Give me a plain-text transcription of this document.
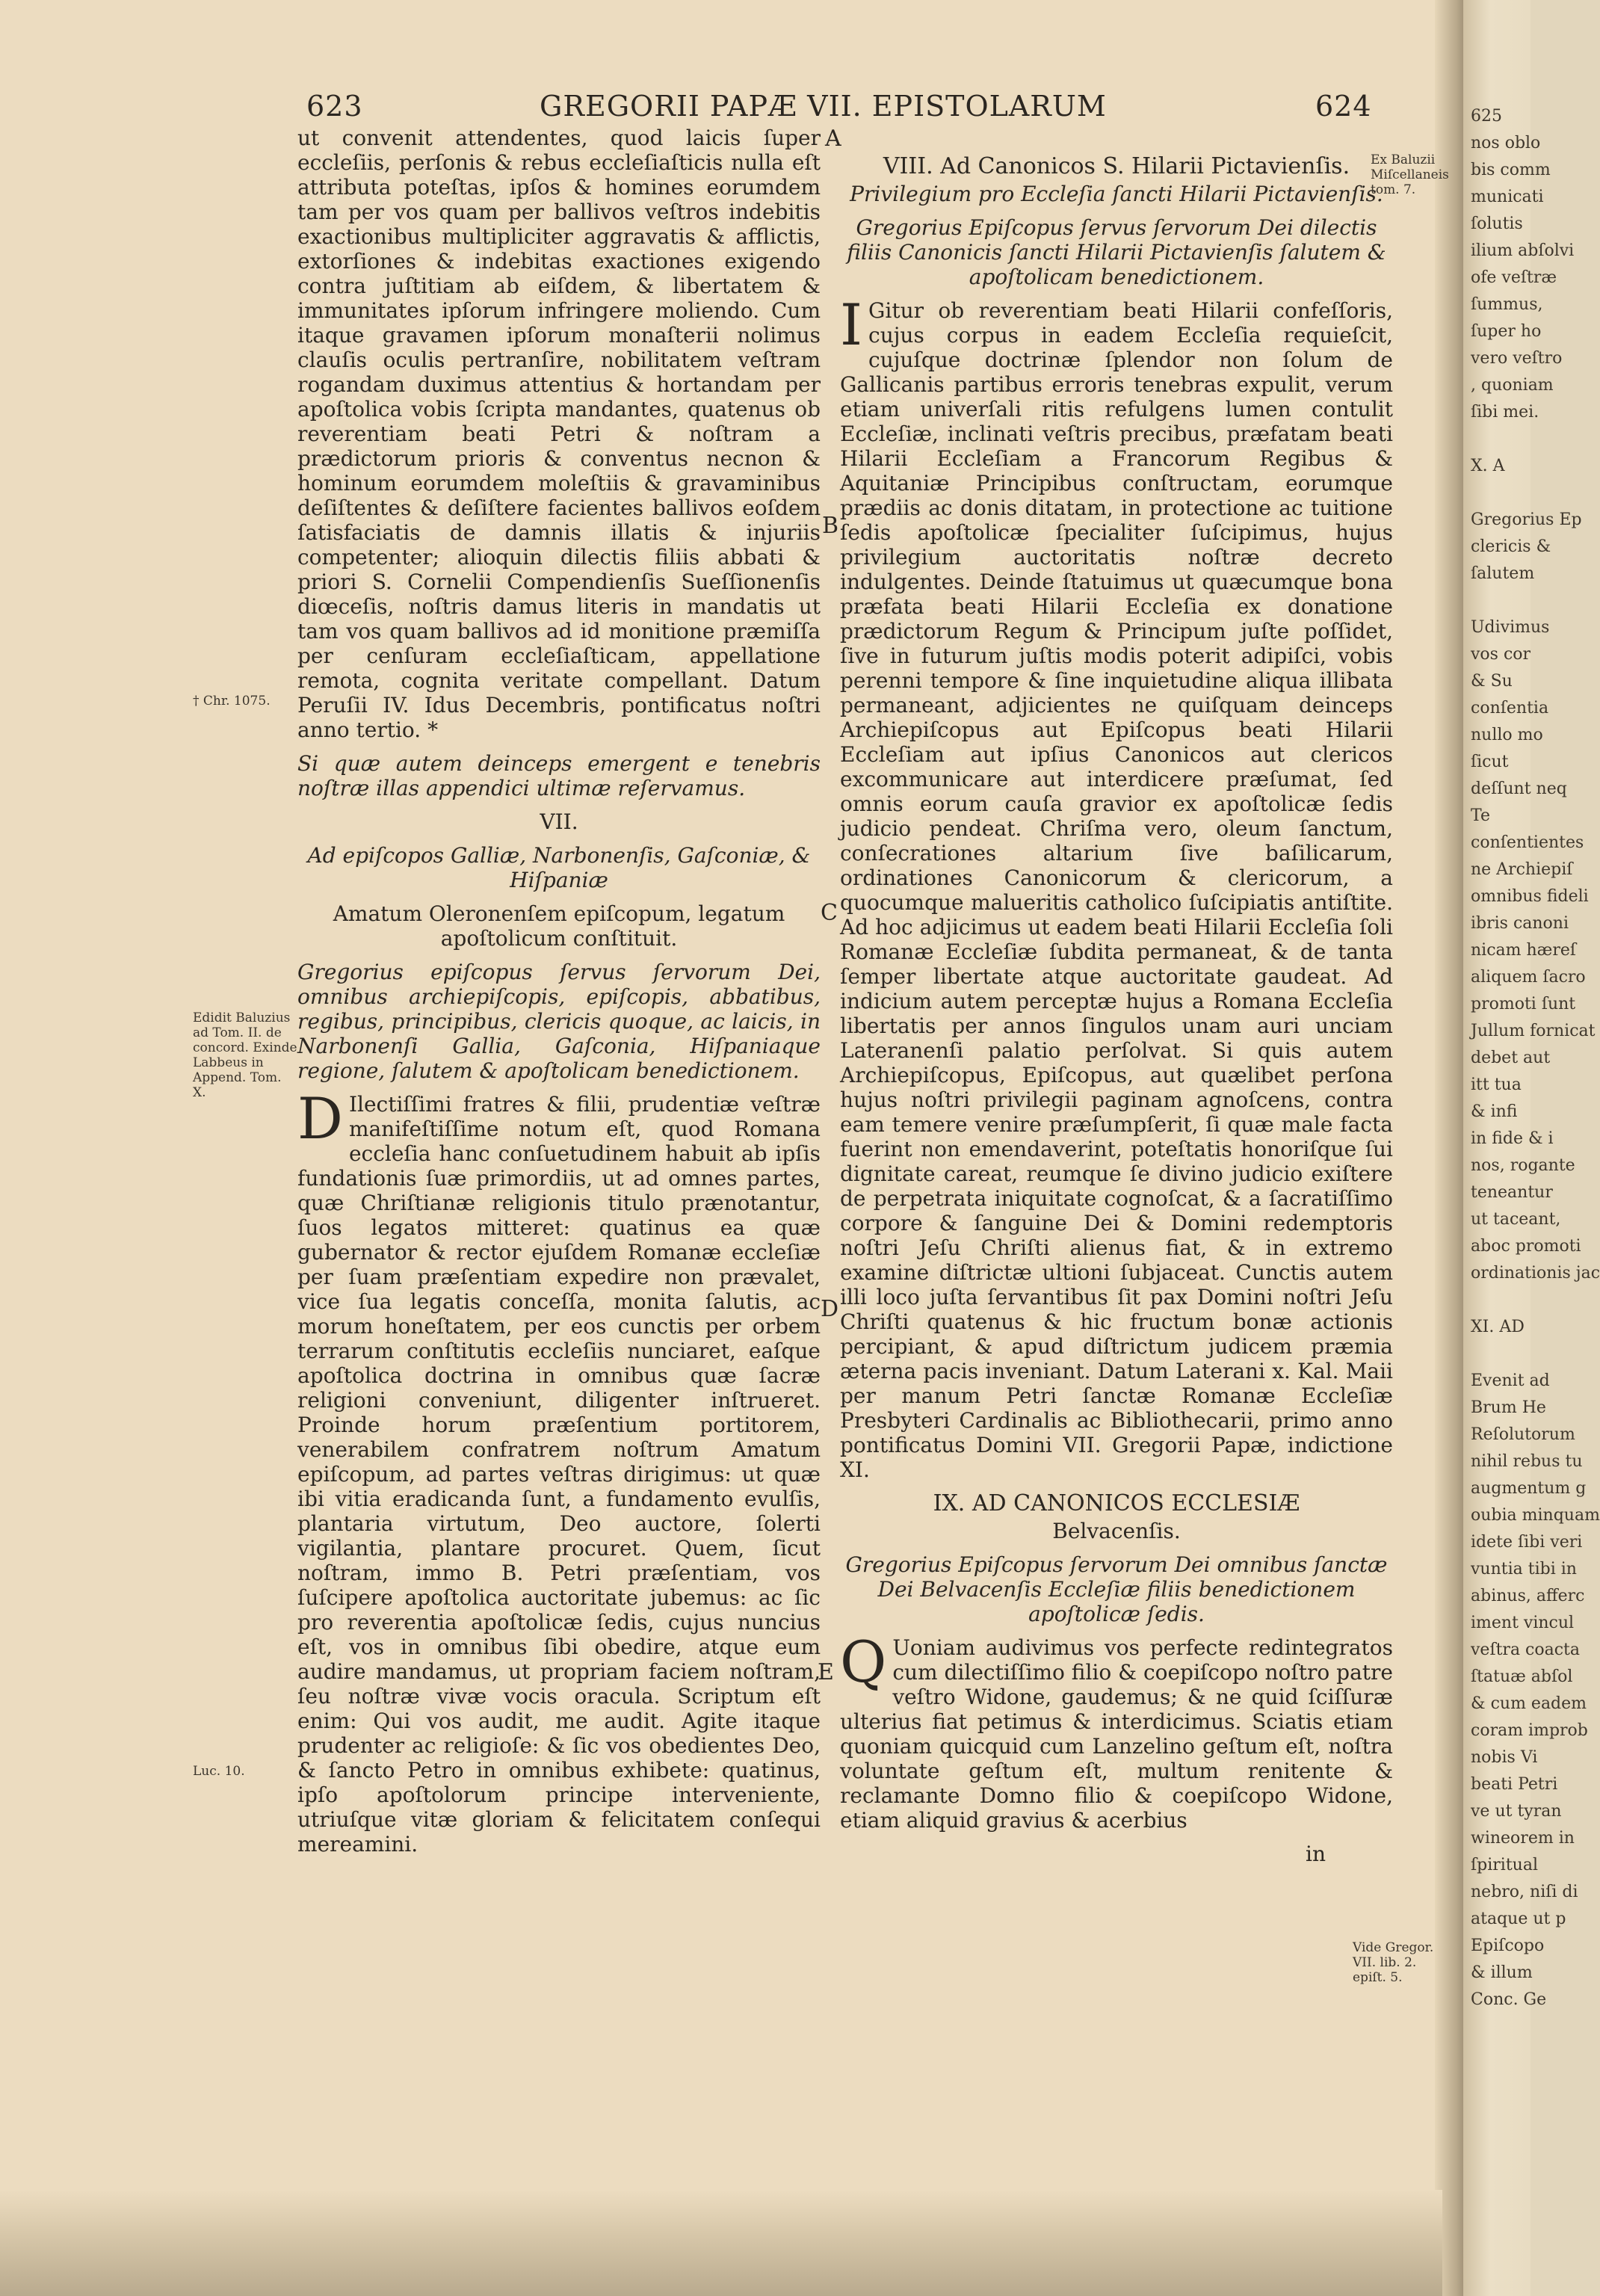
623	GREGORII PAPÆ VII. EPISTOLARUM	624

ut convenit attendentes, quod laicis ſuper eccleſiis, perſonis & rebus eccleſiaſticis nulla eſt attributa poteſtas, ipſos & homines eorumdem tam per vos quam per ballivos veſtros indebitis exactionibus multipliciter aggravatis & afflictis, extorſiones & indebitas exactiones exigendo contra juſtitiam ab eiſdem, & libertatem & immunitates ipſorum infringere moliendo. Cum itaque gravamen ipſorum monaſterii nolimus clauſis oculis pertranſire, nobilitatem veſtram rogandam duximus attentius & hortandam per apoſtolica vobis ſcripta mandantes, quatenus ob reverentiam beati Petri & noſtram a prædictorum prioris & conventus necnon & hominum eorumdem moleſtiis & gravaminibus deſiſtentes & deſiſtere facientes ballivos eoſdem ſatisfaciatis de damnis illatis & injuriis competenter; alioquin dilectis filiis abbati & priori S. Cornelii Compendienſis Sueſſionenſis diœceſis, noſtris damus literis in mandatis ut tam vos quam ballivos ad id monitione præmiſſa per cenſuram eccleſiaſticam, appellatione remota, cognita veritate compellant. Datum Peruſii IV. Idus Decembris, pontificatus noſtri anno tertio. *

Si quæ autem deinceps emergent e tenebris noſtræ illas appendici ultimæ reſervamus.

VII.

Ad epiſcopos Galliæ, Narbonenſis, Gaſconiæ, & Hiſpaniæ

Amatum Oleronenſem epiſcopum, legatum apoſtolicum conſtituit.

Gregorius epiſcopus ſervus ſervorum Dei, omnibus archiepiſcopis, epiſcopis, abbatibus, regibus, principibus, clericis quoque, ac laicis, in Narbonenſi Gallia, Gaſconia, Hiſpaniaque regione, ſalutem & apoſtolicam benedictionem.

D Ilectiſſimi fratres & filii, prudentiæ veſtræ manifeſtiſſime notum eſt, quod Romana eccleſia hanc conſuetudinem habuit ab ipſis fundationis ſuæ primordiis, ut ad omnes partes, quæ Chriſtianæ religionis titulo prænotantur, ſuos legatos mitteret: quatinus ea quæ gubernator & rector ejuſdem Romanæ eccleſiæ per ſuam præſentiam expedire non prævalet, vice ſua legatis conceſſa, monita ſalutis, ac morum honeſtatem, per eos cunctis per orbem terrarum conſtitutis eccleſiis nunciaret, eaſque apoſtolica doctrina in omnibus quæ ſacræ religioni conveniunt, diligenter inſtrueret. Proinde horum præſentium portitorem, venerabilem confratrem noſtrum Amatum epiſcopum, ad partes veſtras dirigimus: ut quæ ibi vitia eradicanda ſunt, a fundamento evulſis, plantaria virtutum, Deo auctore, ſolerti vigilantia, plantare procuret. Quem, ſicut noſtram, immo B. Petri præſentiam, vos ſuſcipere apoſtolica auctoritate jubemus: ac ſic pro reverentia apoſtolicæ ſedis, cujus nuncius eſt, vos in omnibus ſibi obedire, atque eum audire mandamus, ut propriam faciem noſtram, ſeu noſtræ vivæ vocis oracula. Scriptum eſt enim: Qui vos audit, me audit. Agite itaque prudenter ac religioſe: & ſic vos obedientes Deo, & ſancto Petro in omnibus exhibete: quatinus, ipſo apoſtolorum principe interveniente, utriuſque vitæ gloriam & felicitatem conſequi mereamini.

VIII. Ad Canonicos S. Hilarii Pictavienſis.

Privilegium pro Eccleſia ſancti Hilarii Pictavienſis.

Gregorius Epiſcopus ſervus ſervorum Dei dilectis filiis Canonicis ſancti Hilarii Pictavienſis ſalutem & apoſtolicam benedictionem.

I Gitur ob reverentiam beati Hilarii confeſſoris, cujus corpus in eadem Eccleſia requieſcit, cujuſque doctrinæ ſplendor non ſolum de Gallicanis partibus erroris tenebras expulit, verum etiam univerſali ritis refulgens lumen contulit Eccleſiæ, inclinati veſtris precibus, præfatam beati Hilarii Eccleſiam a Francorum Regibus & Aquitaniæ Principibus conſtructam, eorumque prædiis ac donis ditatam, in protectione ac tuitione ſedis apoſtolicæ ſpecialiter ſuſcipimus, hujus privilegium auctoritatis noſtræ decreto indulgentes. Deinde ſtatuimus ut quæcumque bona præfata beati Hilarii Eccleſia ex donatione prædictorum Regum & Principum juſte poſſidet, ſive in futurum juſtis modis poterit adipiſci, vobis perenni tempore & ſine inquietudine aliqua illibata permaneant, adjicientes ne quiſquam deinceps Archiepiſcopus aut Epiſcopus beati Hilarii Eccleſiam aut ipſius Canonicos aut clericos excommunicare aut interdicere præſumat, ſed omnis eorum cauſa gravior ex apoſtolicæ ſedis judicio pendeat. Chriſma vero, oleum ſanctum, conſecrationes altarium ſive baſilicarum, ordinationes Canonicorum & clericorum, a quocumque malueritis catholico ſuſcipiatis antiſtite. Ad hoc adjicimus ut eadem beati Hilarii Eccleſia ſoli Romanæ Eccleſiæ ſubdita permaneat, & de tanta ſemper libertate atque auctoritate gaudeat. Ad indicium autem perceptæ hujus a Romana Eccleſia libertatis per annos ſingulos unam auri unciam Lateranenſi palatio perſolvat. Si quis autem Archiepiſcopus, Epiſcopus, aut quælibet perſona hujus noſtri privilegii paginam agnoſcens, contra eam temere venire præſumpſerit, ſi quæ male facta fuerint non emendaverint, poteſtatis honoriſque ſui dignitate careat, reumque ſe divino judicio exiſtere de perpetrata iniquitate cognoſcat, & a ſacratiſſimo corpore & ſanguine Dei & Domini redemptoris noſtri Jeſu Chriſti alienus fiat, & in extremo examine diſtrictæ ultioni ſubjaceat. Cunctis autem illi loco juſta ſervantibus ſit pax Domini noſtri Jeſu Chriſti quatenus & hic fructum bonæ actionis percipiant, & apud diſtrictum judicem præmia æterna pacis inveniant. Datum Laterani x. Kal. Maii per manum Petri ſanctæ Romanæ Eccleſiæ Presbyteri Cardinalis ac Bibliothecarii, primo anno pontificatus Domini VII. Gregorii Papæ, indictione XI.

IX. AD CANONICOS ECCLESIÆ
Belvacenſis.

Gregorius Epiſcopus ſervorum Dei omnibus ſanctæ Dei Belvacenſis Eccleſiæ filiis benedictionem apoſtolicæ ſedis.

Q Uoniam audivimus vos perfecte redintegratos cum dilectiſſimo filio & coepiſcopo noſtro patre veſtro Widone, gaudemus; & ne quid ſciſſuræ ulterius fiat petimus & interdicimus. Sciatis etiam quoniam quicquid cum Lanzelino geſtum eſt, noſtra voluntate geſtum eſt, multum renitente & reclamante Domno filio & coepiſcopo Widone, etiam aliquid gravius & acerbius

in
† Chr. 1075.
Edidit Baluzius ad Tom. II. de concord. Exinde Labbeus in Append. Tom. X.
Luc. 10.
Ex Baluzii Miſcellaneis tom. 7.
Vide Gregor. VII. lib. 2. epiſt. 5.
A
B
C
D
E
625
nos oblo
bis comm
municati
ſolutis
ilium abſolvi
ofe veſtræ
ſummus,
ſuper ho
vero veſtro
, quoniam
ſibi mei.
X. A
Gregorius Ep
clericis &
ſalutem
Udivimus
vos cor
& Su
conſentia
nullo mo
ſicut
deſſunt neq
Te
conſentientes
ne Archiepiſ
omnibus fideli
ibris canoni
nicam hæreſ
aliquem ſacro
promoti ſunt
Jullum fornicat
debet aut
itt tua
& infi
in fide & i
nos, rogante
teneantur
ut taceant,
aboc promoti
ordinationis jac
XI. AD
Evenit ad
Brum He
Reſolutorum
nihil rebus tu
augmentum g
oubia minquam
idete ſibi veri
vuntia tibi in
abinus, afferc
iment vincul
veſtra coacta
ſtatuæ abſol
& cum eadem
coram improb
nobis Vi
beati Petri
ve ut tyran
wineorem in
ſpiritual
nebro, niſi di
ataque ut p
Epiſcopo
& illum
Conc. Ge
